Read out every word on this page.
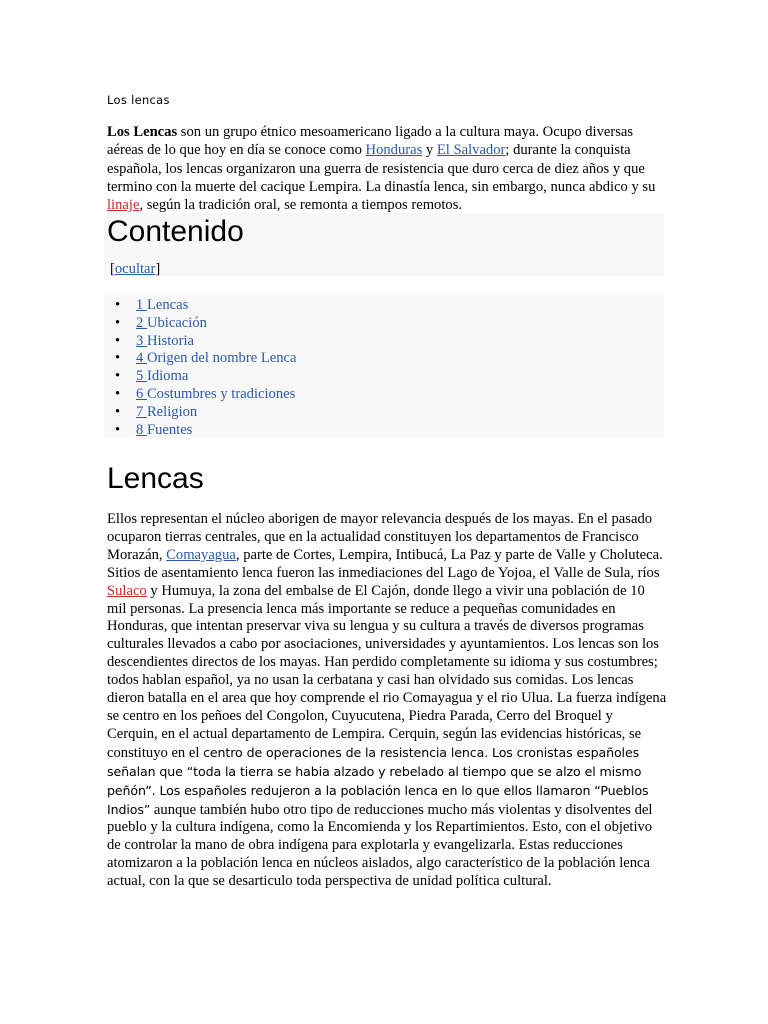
Los lencas

Los Lencas son un grupo étnico mesoamericano ligado a la cultura maya. Ocupo diversas aéreas de lo que hoy en día se conoce como Honduras y El Salvador; durante la conquista española, los lencas organizaron una guerra de resistencia que duro cerca de diez años y que termino con la muerte del cacique Lempira. La dinastía lenca, sin embargo, nunca abdico y su linaje, según la tradición oral, se remonta a tiempos remotos.

Contenido
[ocultar]
• 1 Lencas
• 2 Ubicación
• 3 Historia
• 4 Origen del nombre Lenca
• 5 Idioma
• 6 Costumbres y tradiciones
• 7 Religion
• 8 Fuentes
Lencas

Ellos representan el núcleo aborigen de mayor relevancia después de los mayas. En el pasado ocuparon tierras centrales, que en la actualidad constituyen los departamentos de Francisco Morazán, Comayagua, parte de Cortes, Lempira, Intibucá, La Paz y parte de Valle y Choluteca. Sitios de asentamiento lenca fueron las inmediaciones del Lago de Yojoa, el Valle de Sula, ríos Sulaco y Humuya, la zona del embalse de El Cajón, donde llego a vivir una población de 10 mil personas. La presencia lenca más importante se reduce a pequeñas comunidades en Honduras, que intentan preservar viva su lengua y su cultura a través de diversos programas culturales llevados a cabo por asociaciones, universidades y ayuntamientos. Los lencas son los descendientes directos de los mayas. Han perdido completamente su idioma y sus costumbres; todos hablan español, ya no usan la cerbatana y casi han olvidado sus comidas. Los lencas dieron batalla en el area que hoy comprende el rio Comayagua y el rio Ulua. La fuerza indígena se centro en los peñoes del Congolon, Cuyucutena, Piedra Parada, Cerro del Broquel y Cerquin, en el actual departamento de Lempira. Cerquin, según las evidencias históricas, se constituyo en el centro de operaciones de la resistencia lenca. Los cronistas españoles señalan que “toda la tierra se habia alzado y rebelado al tiempo que se alzo el mismo peñón”. Los españoles redujeron a la población lenca en lo que ellos llamaron “Pueblos Indios” aunque también hubo otro tipo de reducciones mucho más violentas y disolventes del pueblo y la cultura indígena, como la Encomienda y los Repartimientos. Esto, con el objetivo de controlar la mano de obra indígena para explotarla y evangelizarla. Estas reducciones atomizaron a la población lenca en núcleos aislados, algo característico de la población lenca actual, con la que se desarticulo toda perspectiva de unidad política cultural.
